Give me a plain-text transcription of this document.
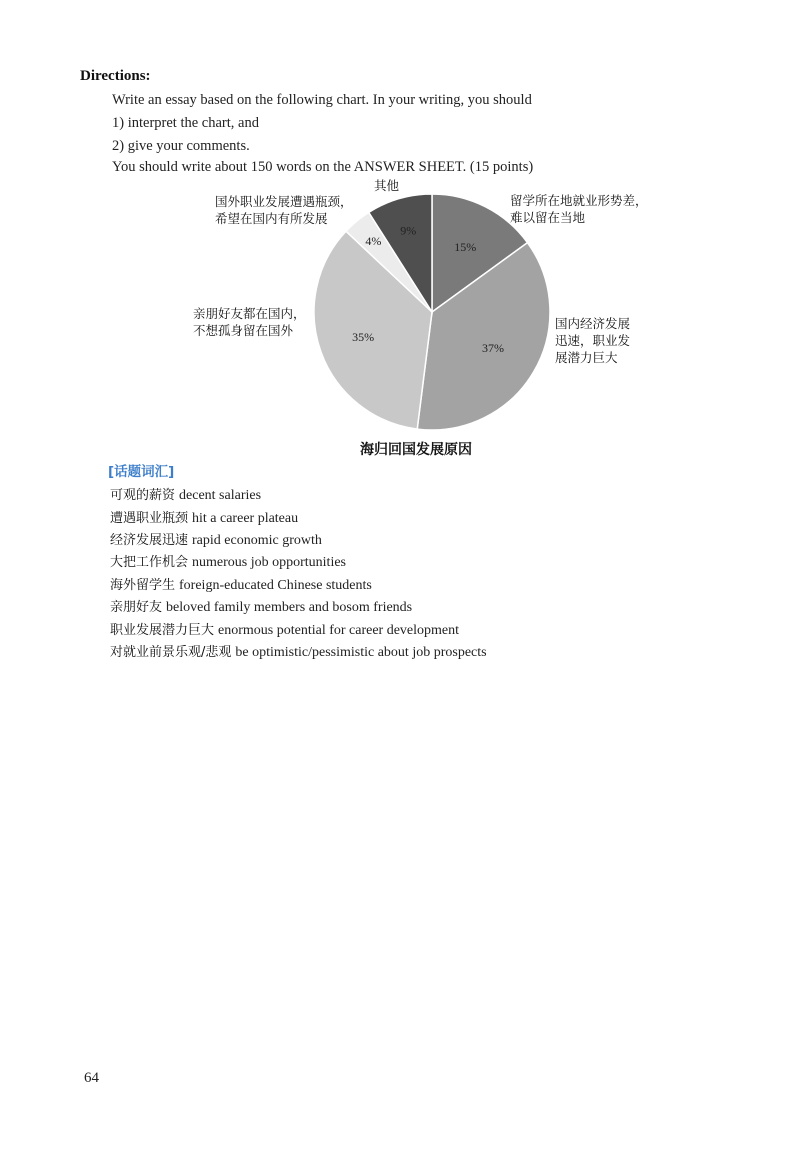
Directions:
Write an essay based on the following chart. In your writing, you should
1) interpret the chart, and
2) give your comments.
You should write about 150 words on the ANSWER SHEET. (15 points)
15%
37%
35%
4%
9%
留学所在地就业形势差，
难以留在当地
国内经济发展
迅速，职业发
展潜力巨大
亲朋好友都在国内，
不想孤身留在国外
国外职业发展遭遇瓶颈，
希望在国内有所发展
其他
海归回国发展原因
[话题词汇]
可观的薪资 decent salaries
遭遇职业瓶颈 hit a career plateau
经济发展迅速 rapid economic growth
大把工作机会 numerous job opportunities
海外留学生 foreign-educated Chinese students
亲朋好友 beloved family members and bosom friends
职业发展潜力巨大 enormous potential for career development
对就业前景乐观/悲观 be optimistic/pessimistic about job prospects
64
